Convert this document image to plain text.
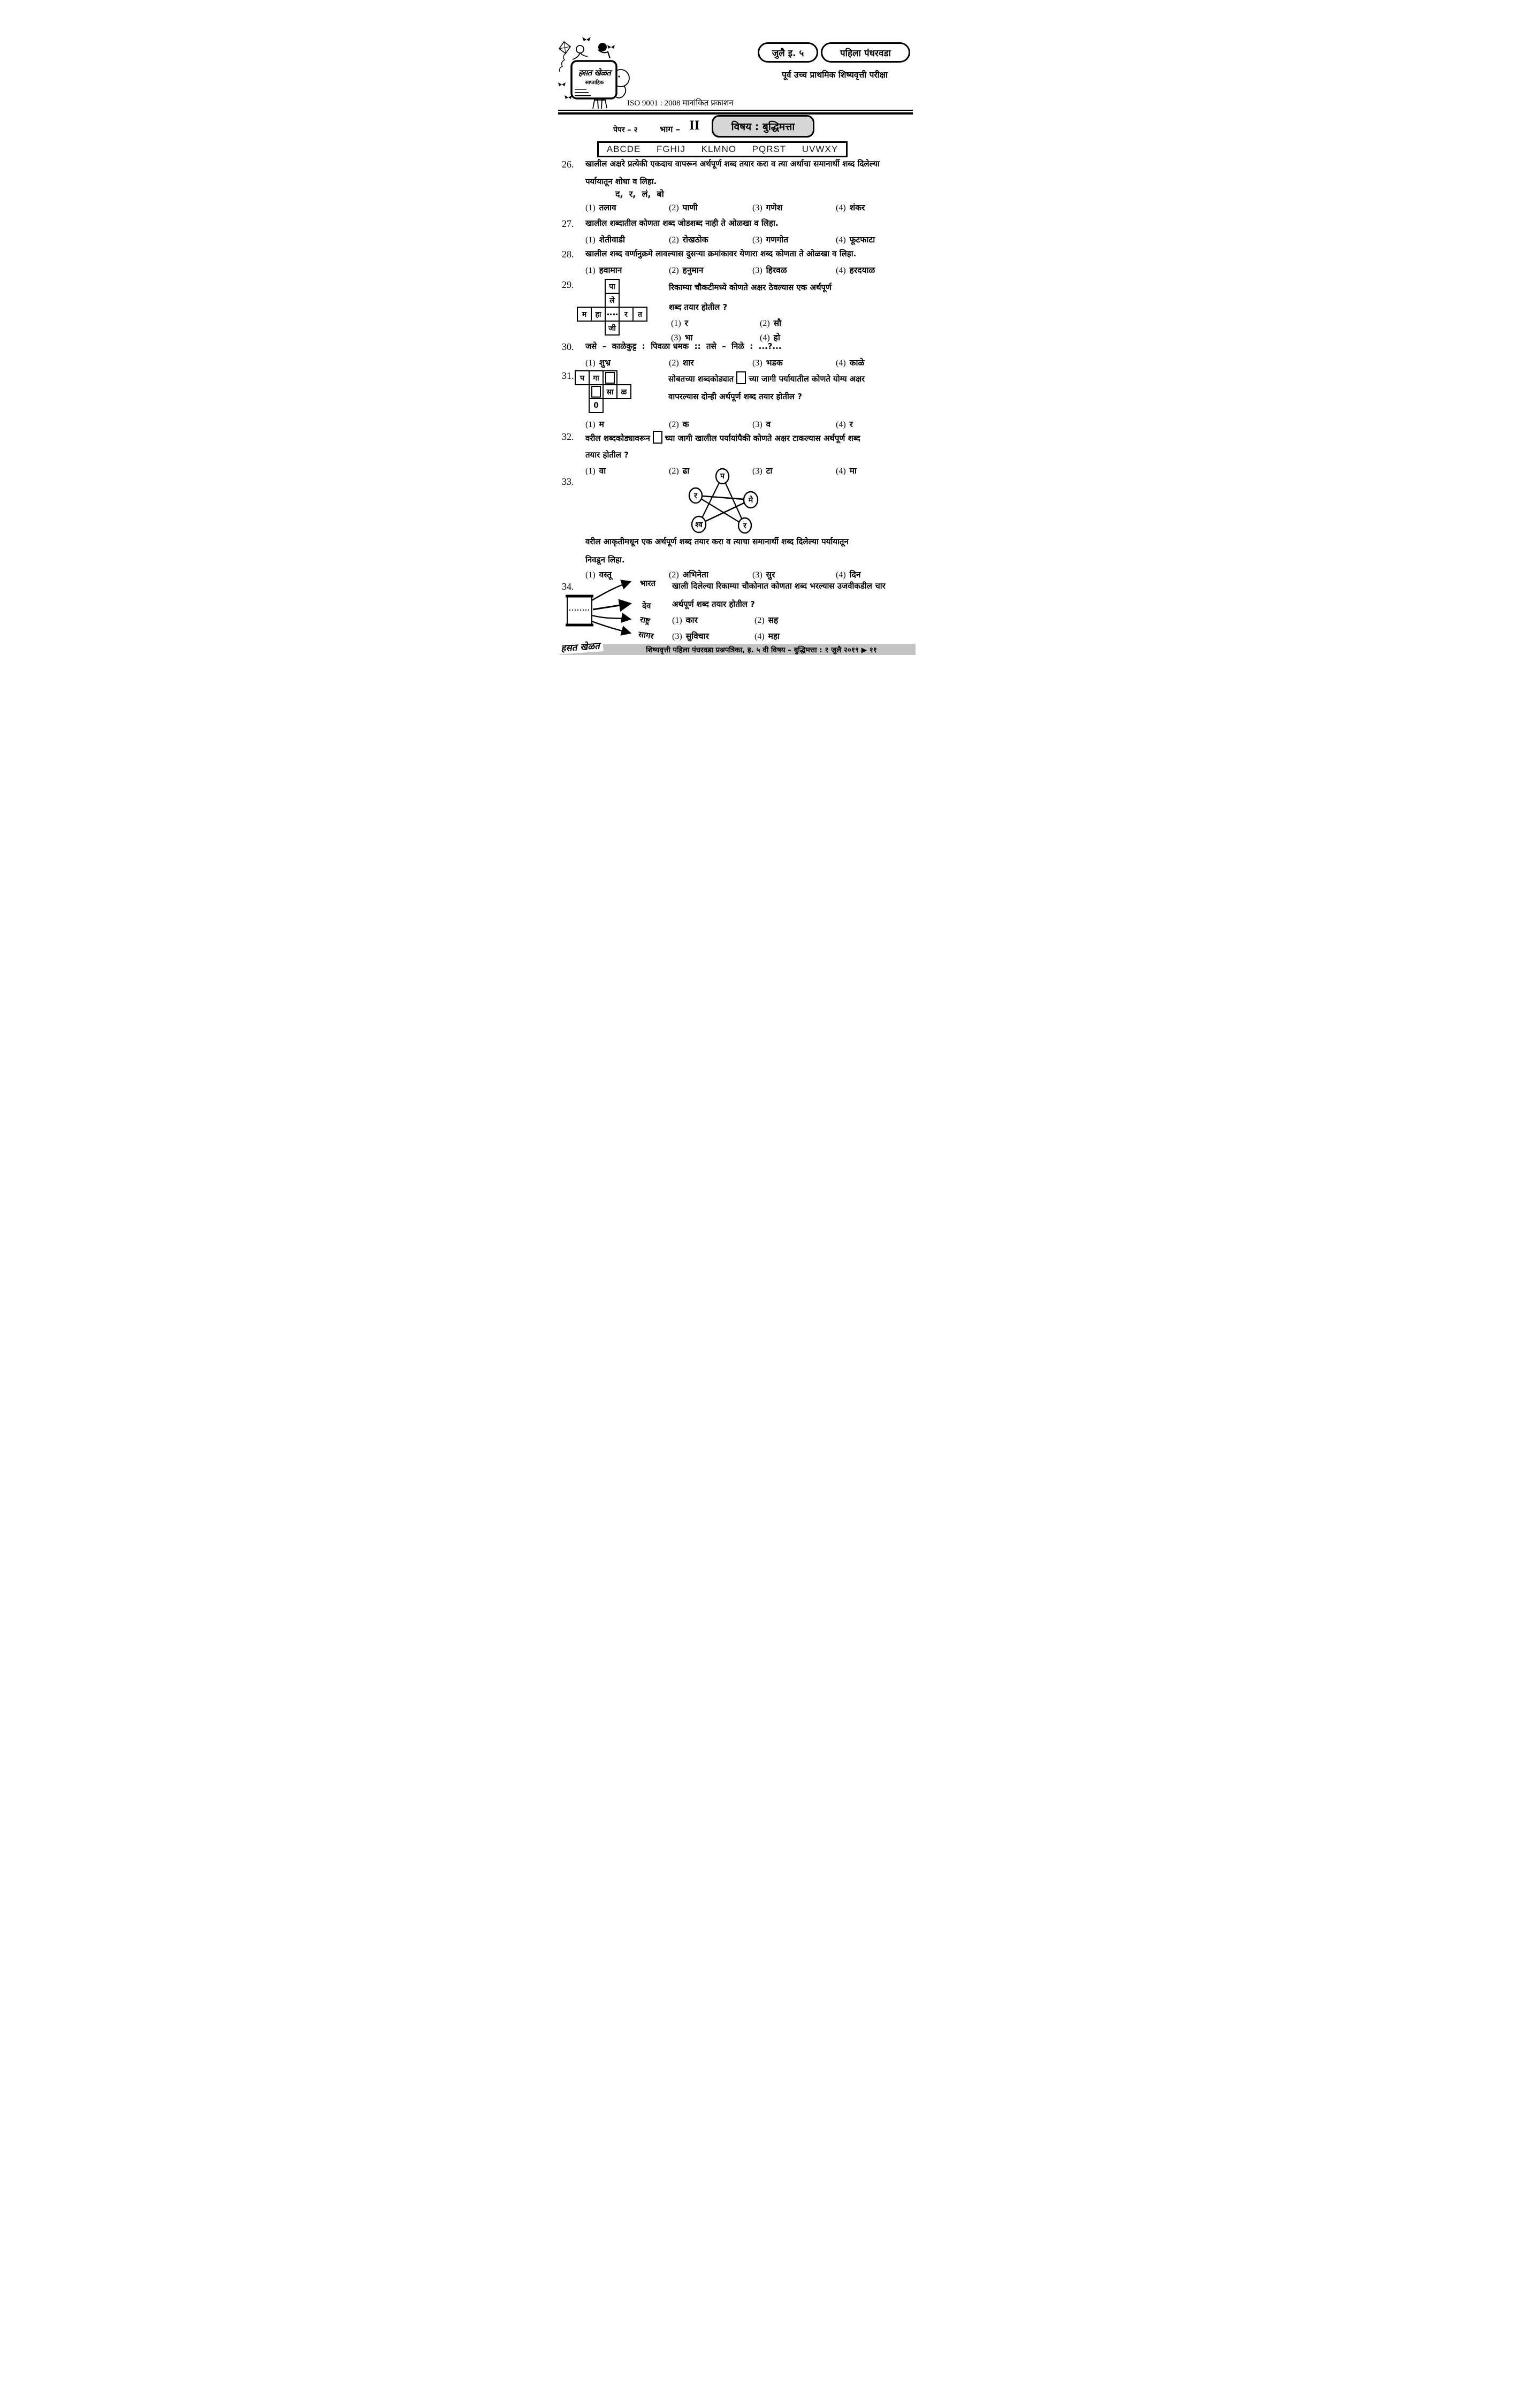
हसत खेळत
साप्ताहिक
ISO 9001 : 2008 मानांकित प्रकाशन
जुलै इ. ५	पहिला पंधरवडा
पूर्व उच्च प्राथमिक शिष्यवृत्ती परीक्षा
पेपर – २	भाग – II	विषय : बुद्धिमत्ता
ABCDE FGHIJ KLMNO PQRST UVWXY
26. खालील अक्षरे प्रत्येकी एकदाच वापरून अर्थपूर्ण शब्द तयार करा व त्या अर्थाचा समानार्थी शब्द दिलेल्या
पर्यायातून शोधा व लिहा.
द,  र,  लं,  बो
(1) तलाव	(2) पाणी	(3) गणेश	(4) शंकर
27. खालील शब्दातील कोणता शब्द जोडशब्द नाही ते ओळखा व लिहा.
(1) शेतीवाडी	(2) रोखठोक	(3) गणगोत	(4) फूटफाटा
28. खालील शब्द वर्णानुक्रमे लावल्यास दुसऱ्या क्रमांकावर येणारा शब्द कोणता ते ओळखा व लिहा.
(1) हवामान	(2) हनुमान	(3) हिरवळ	(4) हरदयाळ
29.	पा
ले
म	हा	र	त
जी
रिकाम्या चौकटीमध्ये कोणते अक्षर ठेवल्यास एक अर्थपूर्ण
शब्द तयार होतील ?
(1) र	(2) सौ
(3) भा	(4) हो
30. जसे  –  काळेकुट्ट  :  पिवळा धमक  ::  तसे  –  निळे  :  ...?...
(1) शुभ्र	(2) शार	(3) भडक	(4) काळे
31. प	गा
सा	ळ
0
सोबतच्या शब्दकोड्यात च्या जागी पर्यायातील कोणते योग्य अक्षर
वापरल्यास दोन्ही अर्थपूर्ण शब्द तयार होतील ?
(1) म	(2) क	(3) व	(4) र
32. वरील शब्दकोड्यावरून च्या जागी खालील पर्यायांपैकी कोणते अक्षर टाकल्यास अर्थपूर्ण शब्द
तयार होतील ?
(1) वा	(2) ढा	(3) टा	(4) मा
33.	प
र	मे
श्व	र
वरील आकृतीमधून एक अर्थपूर्ण शब्द तयार करा व त्याचा समानार्थी शब्द दिलेल्या पर्यायातून
निवडून लिहा.
(1) वस्तू	(2) अभिनेता	(3) सुर	(4) दिन
34.	भारत
देव
राष्ट्र
सागर
खाली दिलेल्या रिकाम्या चौकोनात कोणता शब्द भरल्यास उजवीकडील चार
अर्थपूर्ण शब्द तयार होतील ?
(1) कार	(2) सह
(3) सुविचार	(4) महा
शिष्यवृत्ती पहिला पंधरवडा प्रश्नपत्रिका, इ. ५ वी विषय – बुद्धिमत्ता : १ जुलै २०१९ ▶ ११
हसत खेळत
